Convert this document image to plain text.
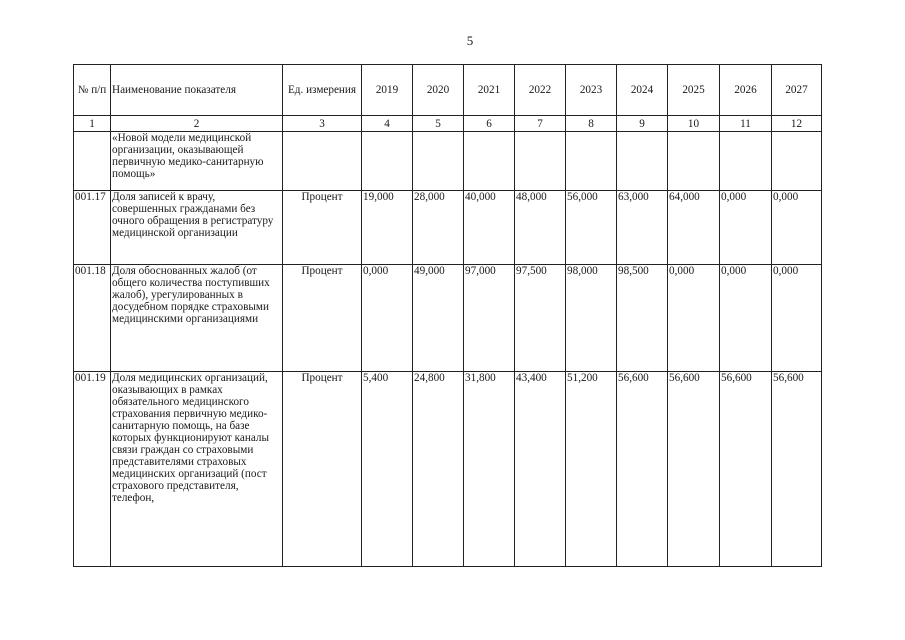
5
№ п/п	Наименование показателя	Ед. измерения	2019	2020	2021	2022	2023	2024	2025	2026	2027
1	2	3	4	5	6	7	8	9	10	11	12
	«Новой модели медицинской организации, оказывающей первичную медико-санитарную помощь»										
001.17	Доля записей к врачу, совершенных гражданами без очного обращения в регистратуру медицинской организации	Процент	19,000	28,000	40,000	48,000	56,000	63,000	64,000	0,000	0,000
001.18	Доля обоснованных жалоб (от общего количества поступивших жалоб), урегулированных в досудебном порядке страховыми медицинскими организациями	Процент	0,000	49,000	97,000	97,500	98,000	98,500	0,000	0,000	0,000
001.19	Доля медицинских организаций, оказывающих в рамках обязательного медицинского страхования первичную медико-санитарную помощь, на базе которых функционируют каналы связи граждан со страховыми представителями страховых медицинских организаций (пост страхового представителя, телефон,	Процент	5,400	24,800	31,800	43,400	51,200	56,600	56,600	56,600	56,600
